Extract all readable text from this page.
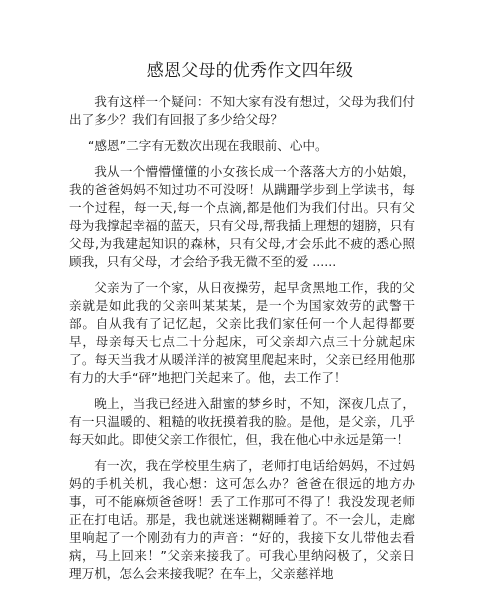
感恩父母的优秀作文四年级

我有这样一个疑问：不知大家有没有想过，父母为我们付出了多少？我们有回报了多少给父母？

“感恩”二字有无数次出现在我眼前、心中。

我从一个懵懵懂懂的小女孩长成一个落落大方的小姑娘，我的爸爸妈妈不知过功不可没呀！从蹒跚学步到上学读书，每一个过程，每一天,每一个点滴,都是他们为我们付出。只有父母为我撑起幸福的蓝天，只有父母,帮我插上理想的翅膀，只有父母,为我建起知识的森林，只有父母,才会乐此不疲的悉心照顾我，只有父母，才会给予我无微不至的爱 ......

父亲为了一个家，从日夜操劳，起早贪黑地工作，我的父亲就是如此我的父亲叫某某某，是一个为国家效劳的武警干部。自从我有了记忆起，父亲比我们家任何一个人起得都要早，母亲每天七点二十分起床，可父亲却六点三十分就起床了。每天当我才从暖洋洋的被窝里爬起来时，父亲已经用他那有力的大手“砰”地把门关起来了。他，去工作了！

晚上，当我已经进入甜蜜的梦乡时，不知，深夜几点了，有一只温暖的、粗糙的收抚摸着我的脸。是他，是父亲，几乎每天如此。即使父亲工作很忙，但，我在他心中永远是第一！

有一次，我在学校里生病了，老师打电话给妈妈，不过妈妈的手机关机，我心想：这可怎么办？爸爸在很远的地方办事，可不能麻烦爸爸呀！丢了工作那可不得了！我没发现老师正在打电话。那是，我也就迷迷糊糊睡着了。不一会儿，走廊里响起了一个刚劲有力的声音：“好的，我接下女儿带他去看病，马上回来！”父亲来接我了。可我心里纳闷极了，父亲日理万机，怎么会来接我呢？在车上，父亲慈祥地
